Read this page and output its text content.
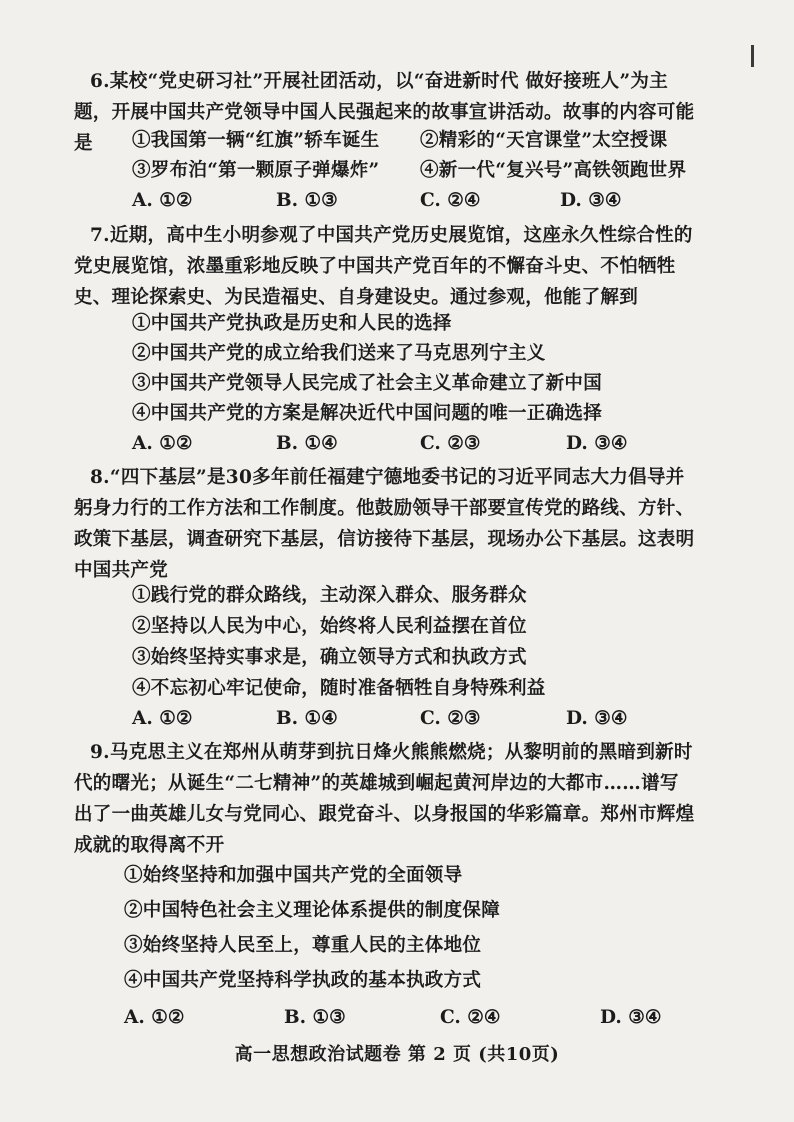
6.某校“党史研习社”开展社团活动，以“奋进新时代 做好接班人”为主题，开展中国共产党领导中国人民强起来的故事宣讲活动。故事的内容可能是	①我国第一辆“红旗”轿车诞生 ②精彩的“天宫课堂”太空授课
③罗布泊“第一颗原子弹爆炸” ④新一代“复兴号”高铁领跑世界
A. ①②	B. ①③	C. ②④	D. ③④

7.近期，高中生小明参观了中国共产党历史展览馆，这座永久性综合性的党史展览馆，浓墨重彩地反映了中国共产党百年的不懈奋斗史、不怕牺牲史、理论探索史、为民造福史、自身建设史。通过参观，他能了解到

①中国共产党执政是历史和人民的选择
②中国共产党的成立给我们送来了马克思列宁主义
③中国共产党领导人民完成了社会主义革命建立了新中国
④中国共产党的方案是解决近代中国问题的唯一正确选择
A. ①②	B. ①④	C. ②③	D. ③④

8.“四下基层”是30多年前任福建宁德地委书记的习近平同志大力倡导并躬身力行的工作方法和工作制度。他鼓励领导干部要宣传党的路线、方针、政策下基层，调查研究下基层，信访接待下基层，现场办公下基层。这表明中国共产党

①践行党的群众路线，主动深入群众、服务群众
②坚持以人民为中心，始终将人民利益摆在首位
③始终坚持实事求是，确立领导方式和执政方式
④不忘初心牢记使命，随时准备牺牲自身特殊利益
A. ①②	B. ①④	C. ②③	D. ③④

9.马克思主义在郑州从萌芽到抗日烽火熊熊燃烧；从黎明前的黑暗到新时代的曙光；从诞生“二七精神”的英雄城到崛起黄河岸边的大都市……谱写出了一曲英雄儿女与党同心、跟党奋斗、以身报国的华彩篇章。郑州市辉煌成就的取得离不开

①始终坚持和加强中国共产党的全面领导
②中国特色社会主义理论体系提供的制度保障
③始终坚持人民至上，尊重人民的主体地位
④中国共产党坚持科学执政的基本执政方式
A. ①②	B. ①③	C. ②④	D. ③④
高一思想政治试题卷 第 2 页 (共10页)
